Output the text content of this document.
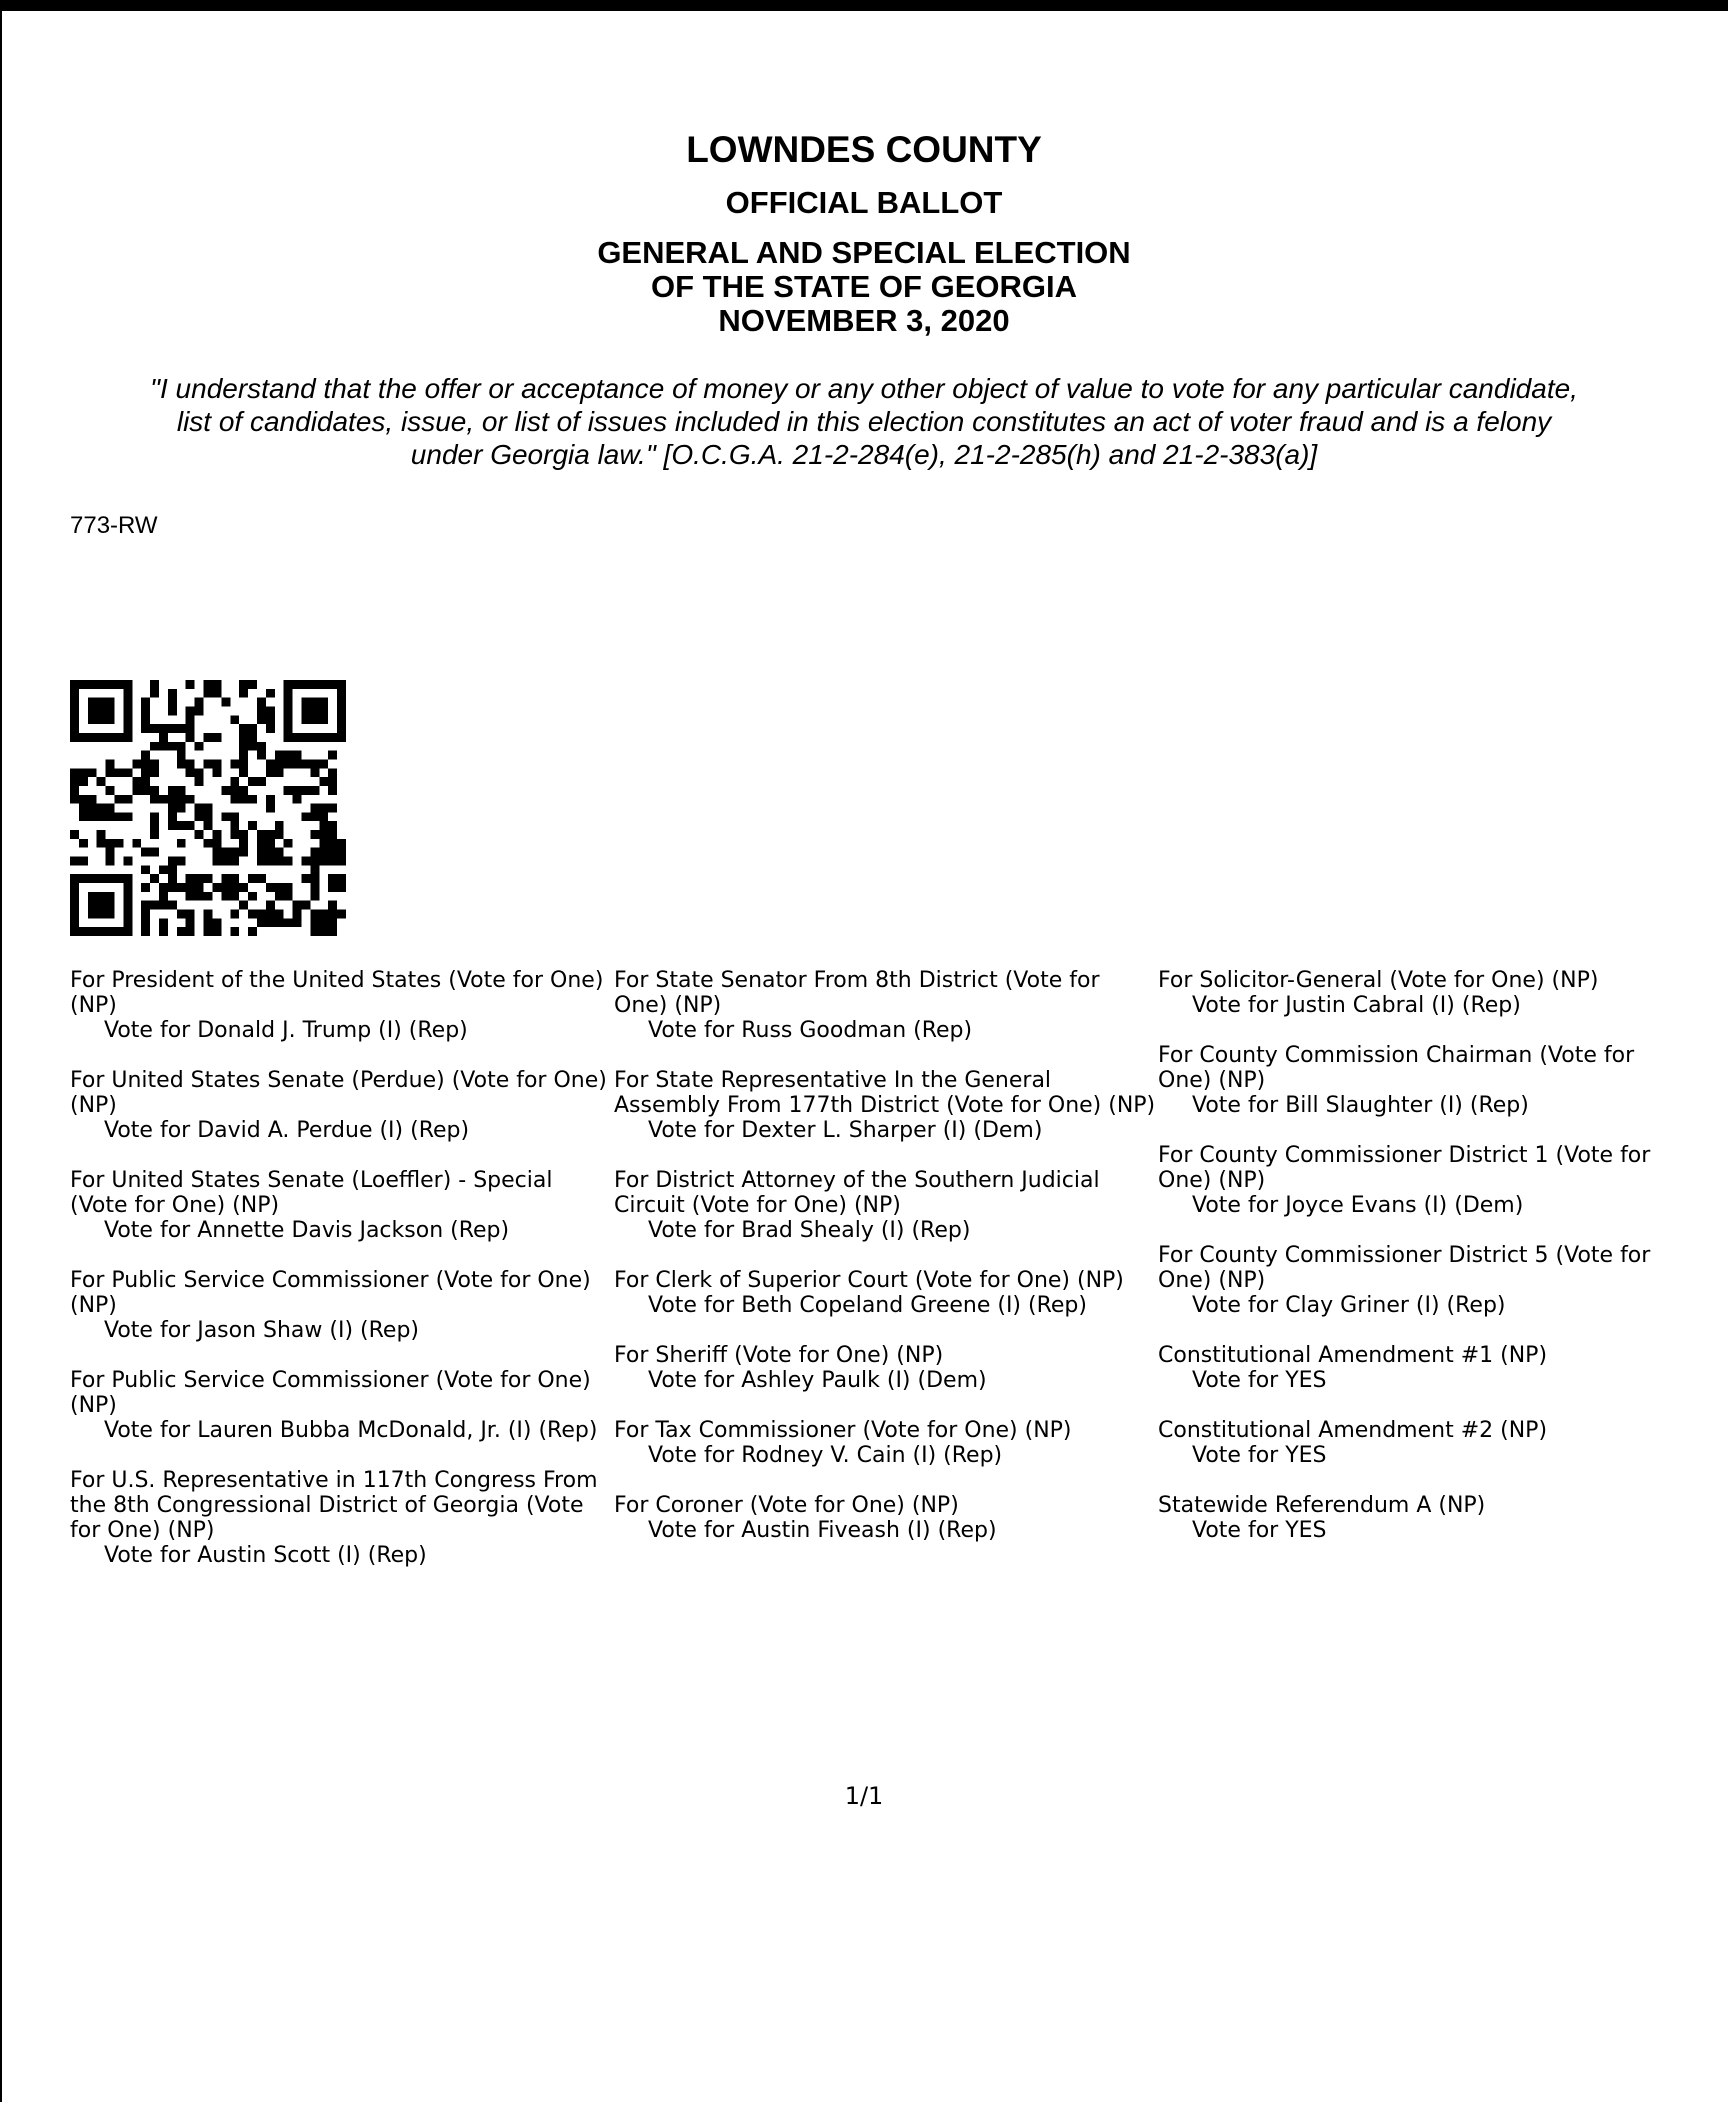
LOWNDES COUNTY
OFFICIAL BALLOT
GENERAL AND SPECIAL ELECTION
OF THE STATE OF GEORGIA
NOVEMBER 3, 2020
"I understand that the offer or acceptance of money or any other object of value to vote for any particular candidate,
list of candidates, issue, or list of issues included in this election constitutes an act of voter fraud and is a felony
under Georgia law." [O.C.G.A. 21-2-284(e), 21-2-285(h) and 21-2-383(a)]
773-RW
For President of the United States (Vote for One) (NP)
Vote for Donald J. Trump (I) (Rep)
For United States Senate (Perdue) (Vote for One) (NP)
Vote for David A. Perdue (I) (Rep)
For United States Senate (Loeffler) - Special (Vote for One) (NP)
Vote for Annette Davis Jackson (Rep)
For Public Service Commissioner (Vote for One) (NP)
Vote for Jason Shaw (I) (Rep)
For Public Service Commissioner (Vote for One) (NP)
Vote for Lauren Bubba McDonald, Jr. (I) (Rep)
For U.S. Representative in 117th Congress From the 8th Congressional District of Georgia (Vote for One) (NP)
Vote for Austin Scott (I) (Rep)
For State Senator From 8th District (Vote for One) (NP)
Vote for Russ Goodman (Rep)
For State Representative In the General Assembly From 177th District (Vote for One) (NP)
Vote for Dexter L. Sharper (I) (Dem)
For District Attorney of the Southern Judicial Circuit (Vote for One) (NP)
Vote for Brad Shealy (I) (Rep)
For Clerk of Superior Court (Vote for One) (NP)
Vote for Beth Copeland Greene (I) (Rep)
For Sheriff (Vote for One) (NP)
Vote for Ashley Paulk (I) (Dem)
For Tax Commissioner (Vote for One) (NP)
Vote for Rodney V. Cain (I) (Rep)
For Coroner (Vote for One) (NP)
Vote for Austin Fiveash (I) (Rep)
For Solicitor-General (Vote for One) (NP)
Vote for Justin Cabral (I) (Rep)
For County Commission Chairman (Vote for One) (NP)
Vote for Bill Slaughter (I) (Rep)
For County Commissioner District 1 (Vote for One) (NP)
Vote for Joyce Evans (I) (Dem)
For County Commissioner District 5 (Vote for One) (NP)
Vote for Clay Griner (I) (Rep)
Constitutional Amendment #1 (NP)
Vote for YES
Constitutional Amendment #2 (NP)
Vote for YES
Statewide Referendum A (NP)
Vote for YES
1/1
